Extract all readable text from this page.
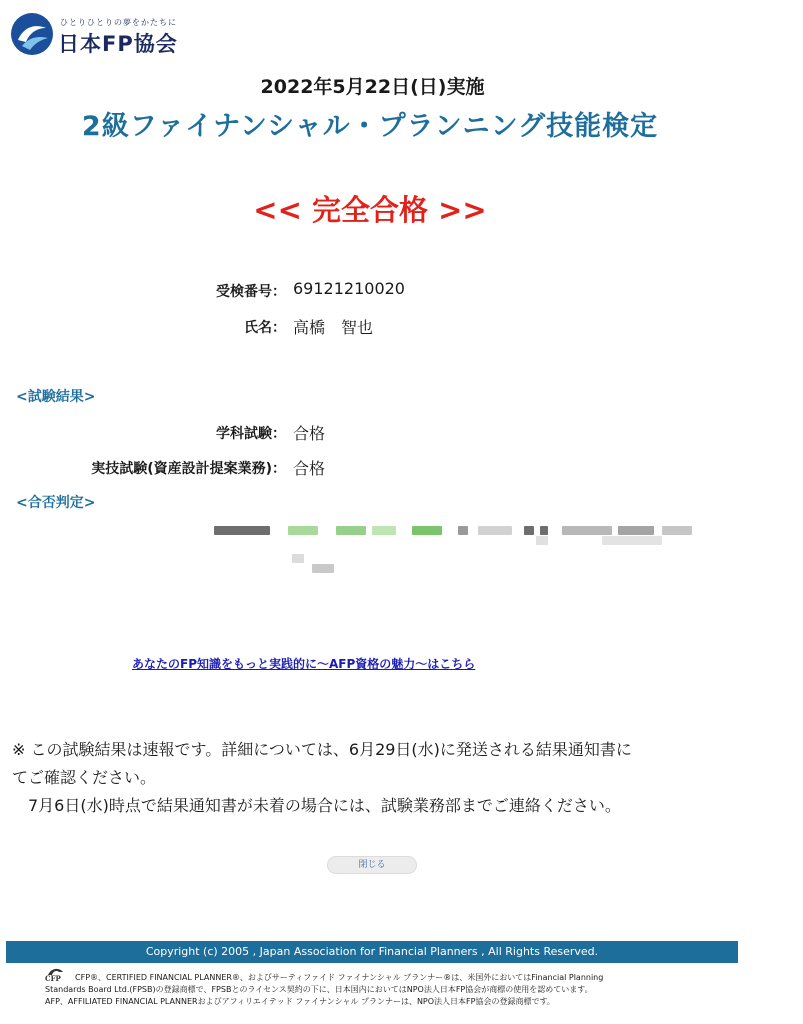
ひとりひとりの夢をかたちに
日本FP協会
2022年5月22日(日)実施
2級ファイナンシャル・プランニング技能検定
<< 完全合格 >>
受検番号： 69121210020
氏名： 高橋　智也
<試験結果>
学科試験： 合格
実技試験(資産設計提案業務)： 合格
<合否判定>
あなたのFP知識をもっと実践的に～AFP資格の魅力～はこちら
※ この試験結果は速報です。詳細については、6月29日(水)に発送される結果通知書に
てご確認ください。
　7月6日(水)時点で結果通知書が未着の場合には、試験業務部までご連絡ください。
閉じる
Copyright (c) 2005 , Japan Association for Financial Planners , All Rights Reserved.
CFP CFP®、CERTIFIED FINANCIAL PLANNER®、およびサーティファイド ファイナンシャル プランナー®は、米国外においてはFinancial Planning
Standards Board Ltd.(FPSB)の登録商標で、FPSBとのライセンス契約の下に、日本国内においてはNPO法人日本FP協会が商標の使用を認めています。
AFP、AFFILIATED FINANCIAL PLANNERおよびアフィリエイテッド ファイナンシャル プランナーは、NPO法人日本FP協会の登録商標です。
